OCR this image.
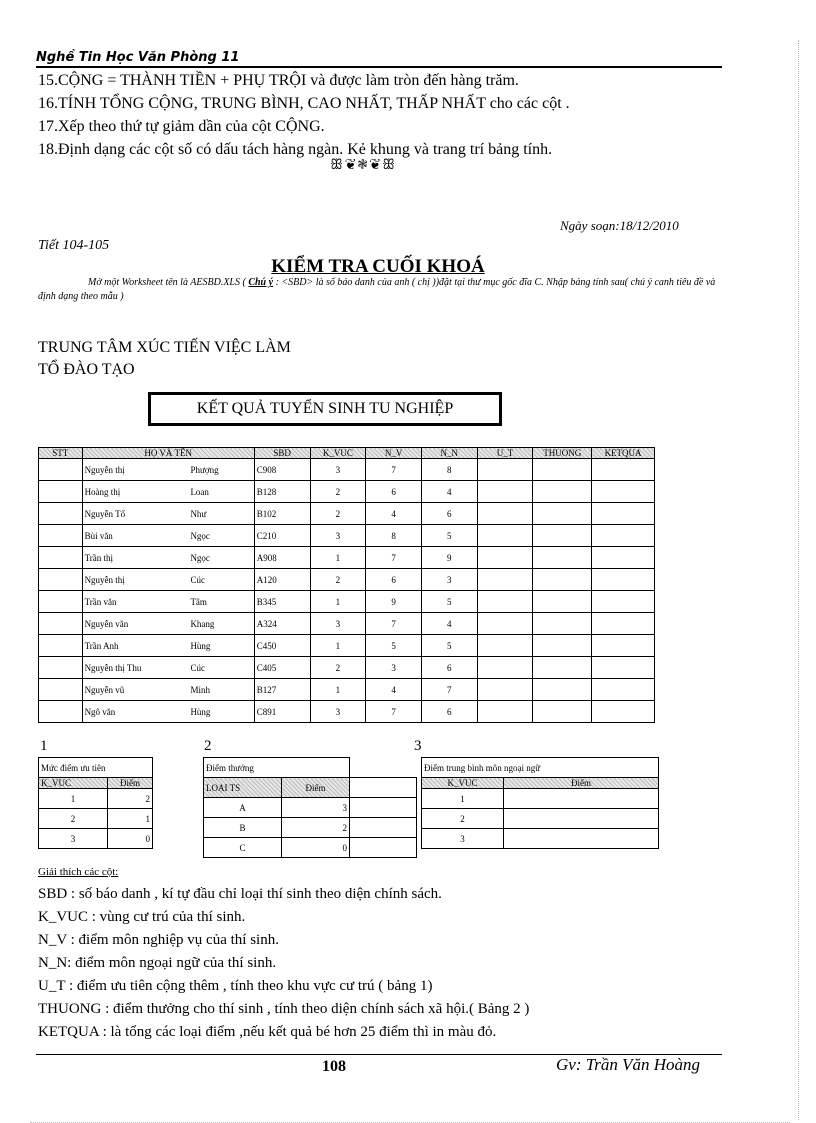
Nghề Tin Học Văn Phòng 11
15.CỘNG = THÀNH TIỀN + PHỤ TRỘI và được làm tròn đến hàng trăm.
16.TÍNH TỔNG CỘNG, TRUNG BÌNH, CAO NHẤT, THẤP NHẤT cho các cột .
17.Xếp theo thứ tự giảm dần của cột CỘNG.
18.Định dạng các cột số có dấu tách hàng ngàn. Kẻ khung và trang trí bảng tính.
ꕥ❦❃❦ꕥ
Ngày soạn:18/12/2010
Tiết 104-105
KIỂM TRA CUỐI KHOÁ
Mở một Worksheet tên là AESBD.XLS ( Chú ý : <SBD> là số báo danh của anh ( chị ))đặt tại thư mục gốc đĩa C. Nhập bảng tính sau( chú ý canh tiêu đề và định dạng theo mẫu )
TRUNG TÂM XÚC TIẾN VIỆC LÀM
TỔ ĐÀO TẠO
KẾT QUẢ TUYỂN SINH TU NGHIỆP
STT	HỌ VÀ TÊN		SBD	K_VUC	N_V	N_N	U_T	THUONG	KETQUA
	Nguyễn thị	Phượng	C908	3	7	8			
	Hoàng thị	Loan	B128	2	6	4			
	Nguyễn Tố	Như	B102	2	4	6			
	Bùi văn	Ngọc	C210	3	8	5			
	Trần thị	Ngọc	A908	1	7	9			
	Nguyễn thị	Cúc	A120	2	6	3			
	Trần văn	Tâm	B345	1	9	5			
	Nguyễn văn	Khang	A324	3	7	4			
	Trần Anh	Hùng	C450	1	5	5			
	Nguyễn thị Thu	Cúc	C405	2	3	6			
	Nguyễn vũ	Minh	B127	1	4	7			
	Ngô văn	Hùng	C891	3	7	6			
1	2	3
Mức điểm ưu tiên	
K_VUC	Điểm
1	2
2	1
3	0
Điểm thưởng		
LOẠI TS	Điểm	
A	3	
B	2	
C	0	
Điểm trung bình môn ngoại ngữ	
K_VUC	Điểm
1	
2	
3	
Giải thích các cột:
SBD : số báo danh , kí tự đầu chỉ loại thí sinh theo diện chính sách.
K_VUC : vùng cư trú của thí sinh.
N_V : điểm môn nghiệp vụ của thí sinh.
N_N: điểm môn ngoại ngữ của thí sinh.
U_T : điểm ưu tiên cộng thêm , tính theo khu vực cư trú ( bảng 1)
THUONG : điểm thưởng cho thí sinh , tính theo diện chính sách xã hội.( Bảng 2 )
KETQUA : là tổng các loại điểm ,nếu kết quả bé hơn 25 điểm thì in màu đỏ.
108	Gv: Trần Văn Hoàng
